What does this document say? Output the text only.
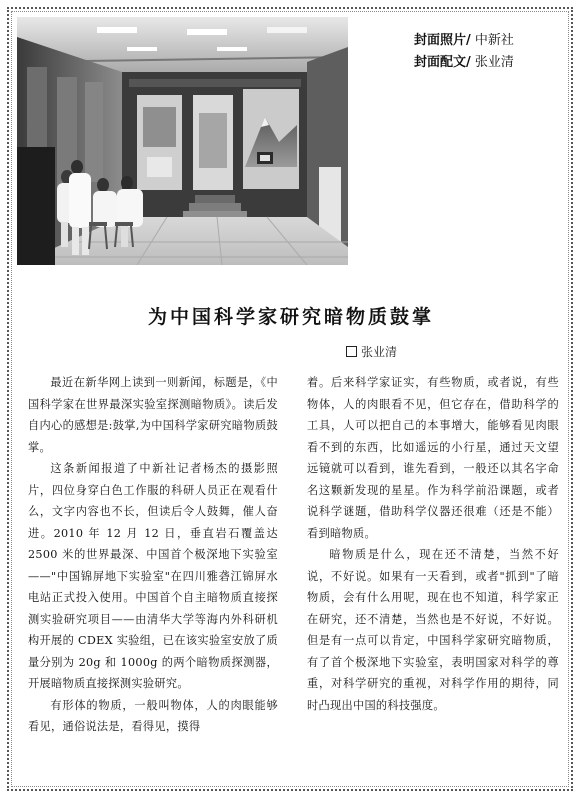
封面照片/ 中新社
封面配文/ 张业清
为中国科学家研究暗物质鼓掌
张业清

最近在新华网上读到一则新闻，标题是，《中国科学家在世界最深实验室探测暗物质》。读后发自内心的感想是:鼓掌,为中国科学家研究暗物质鼓掌。

这条新闻报道了中新社记者杨杰的摄影照片，四位身穿白色工作服的科研人员正在观看什么，文字内容也不长，但读后令人鼓舞，催人奋进。2010 年 12 月 12 日，垂直岩石覆盖达 2500 米的世界最深、中国首个极深地下实验室——"中国锦屏地下实验室"在四川雅砻江锦屏水电站正式投入使用。中国首个自主暗物质直接探测实验研究项目——由清华大学等海内外科研机构开展的 CDEX 实验组，已在该实验室安放了质量分别为 20g 和 1000g 的两个暗物质探测器，开展暗物质直接探测实验研究。

有形体的物质，一般叫物体，人的肉眼能够看见，通俗说法是，看得见，摸得

着。后来科学家证实，有些物质，或者说，有些物体，人的肉眼看不见，但它存在，借助科学的工具，人可以把自己的本事增大，能够看见肉眼看不到的东西，比如遥远的小行星，通过天文望远镜就可以看到，谁先看到，一般还以其名字命名这颗新发现的星星。作为科学前沿课题，或者说科学谜题，借助科学仪器还很难（还是不能）看到暗物质。

暗物质是什么，现在还不清楚，当然不好说，不好说。如果有一天看到，或者"抓到"了暗物质，会有什么用呢，现在也不知道，科学家正在研究，还不清楚，当然也是不好说，不好说。但是有一点可以肯定，中国科学家研究暗物质，有了首个极深地下实验室，表明国家对科学的尊重，对科学研究的重视，对科学作用的期待，同时凸现出中国的科技强度。
